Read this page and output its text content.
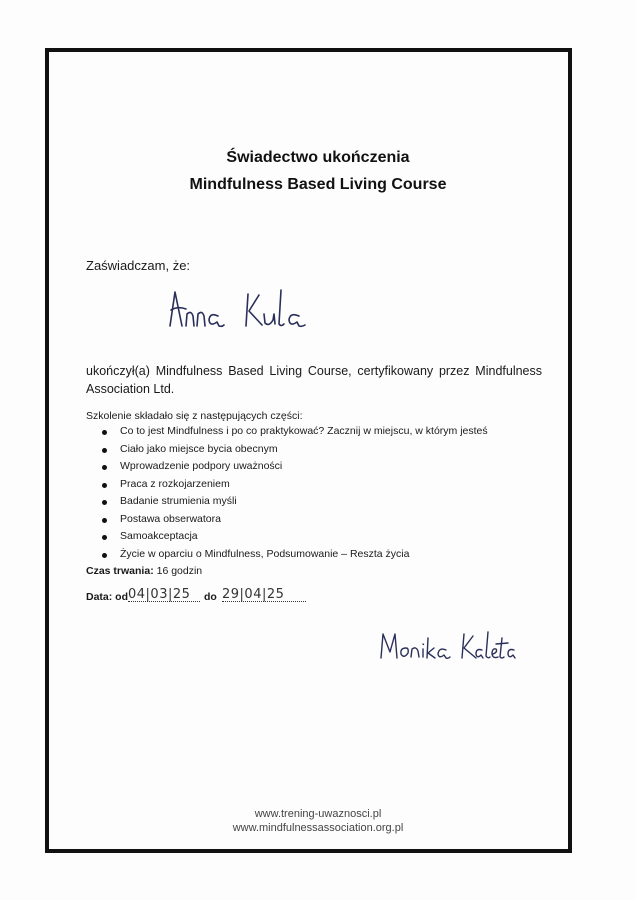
Świadectwo ukończenia
Mindfulness Based Living Course
Zaświadczam, że:
ukończył(a) Mindfulness Based Living Course, certyfikowany przez Mindfulness Association Ltd.
Szkolenie składało się z następujących części:
Co to jest Mindfulness i po co praktykować? Zacznij w miejscu, w którym jesteś
Ciało jako miejsce bycia obecnym
Wprowadzenie podpory uważności
Praca z rozkojarzeniem
Badanie strumienia myśli
Postawa obserwatora
Samoakceptacja
Życie w oparciu o Mindfulness, Podsumowanie – Reszta życia
Czas trwania: 16 godzin
Data: od 04|03|25	do 29|04|25
www.trening-uwaznosci.pl
www.mindfulnessassociation.org.pl
